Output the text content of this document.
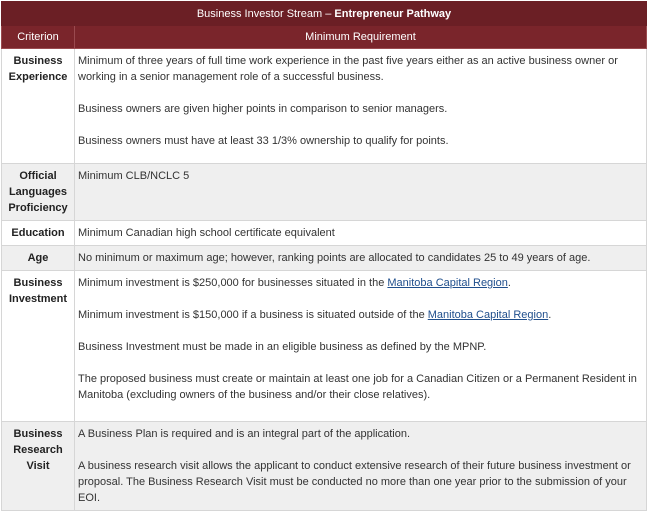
Business Investor Stream – Entrepreneur Pathway	
Criterion	Minimum Requirement
Business Experience	Minimum of three years of full time work experience in the past five years either as an active business owner or working in a senior management role of a successful business.

Business owners are given higher points in comparison to senior managers.

Business owners must have at least 33 1/3% ownership to qualify for points.

Official Languages Proficiency	Minimum CLB/NCLC 5

Education	Minimum Canadian high school certificate equivalent

Age	No minimum or maximum age; however, ranking points are allocated to candidates 25 to 49 years of age.

Business Investment	Minimum investment is $250,000 for businesses situated in the Manitoba Capital Region.

Minimum investment is $150,000 if a business is situated outside of the Manitoba Capital Region.

Business Investment must be made in an eligible business as defined by the MPNP.

The proposed business must create or maintain at least one job for a Canadian Citizen or a Permanent Resident in Manitoba (excluding owners of the business and/or their close relatives).

Business Research Visit	A Business Plan is required and is an integral part of the application.

A business research visit allows the applicant to conduct extensive research of their future business investment or proposal. The Business Research Visit must be conducted no more than one year prior to the submission of your EOI.
